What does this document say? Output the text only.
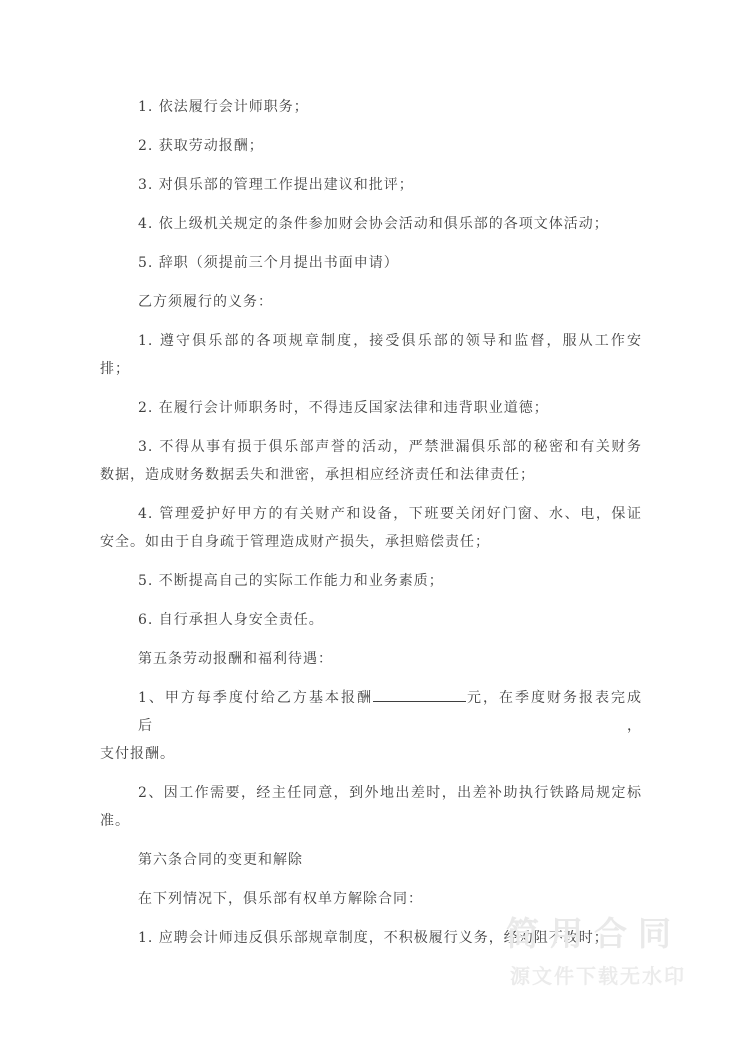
1. 依法履行会计师职务；

2. 获取劳动报酬；

3. 对俱乐部的管理工作提出建议和批评；

4. 依上级机关规定的条件参加财会协会活动和俱乐部的各项文体活动；

5. 辞职（须提前三个月提出书面申请）

乙方须履行的义务：

1. 遵守俱乐部的各项规章制度，接受俱乐部的领导和监督，服从工作安
排；

2. 在履行会计师职务时，不得违反国家法律和违背职业道德；

3. 不得从事有损于俱乐部声誉的活动，严禁泄漏俱乐部的秘密和有关财务
数据，造成财务数据丢失和泄密，承担相应经济责任和法律责任；

4. 管理爱护好甲方的有关财产和设备，下班要关闭好门窗、水、电，保证
安全。如由于自身疏于管理造成财产损失，承担赔偿责任；

5. 不断提高自己的实际工作能力和业务素质；

6. 自行承担人身安全责任。

第五条劳动报酬和福利待遇：

1、甲方每季度付给乙方基本报酬	元，在季度财务报表完成后，
支付报酬。

2、因工作需要，经主任同意，到外地出差时，出差补助执行铁路局规定标
准。

第六条合同的变更和解除

在下列情况下，俱乐部有权单方解除合同：

1. 应聘会计师违反俱乐部规章制度，不积极履行义务，经劝阻不改时；

简用合同
源文件下载无水印
